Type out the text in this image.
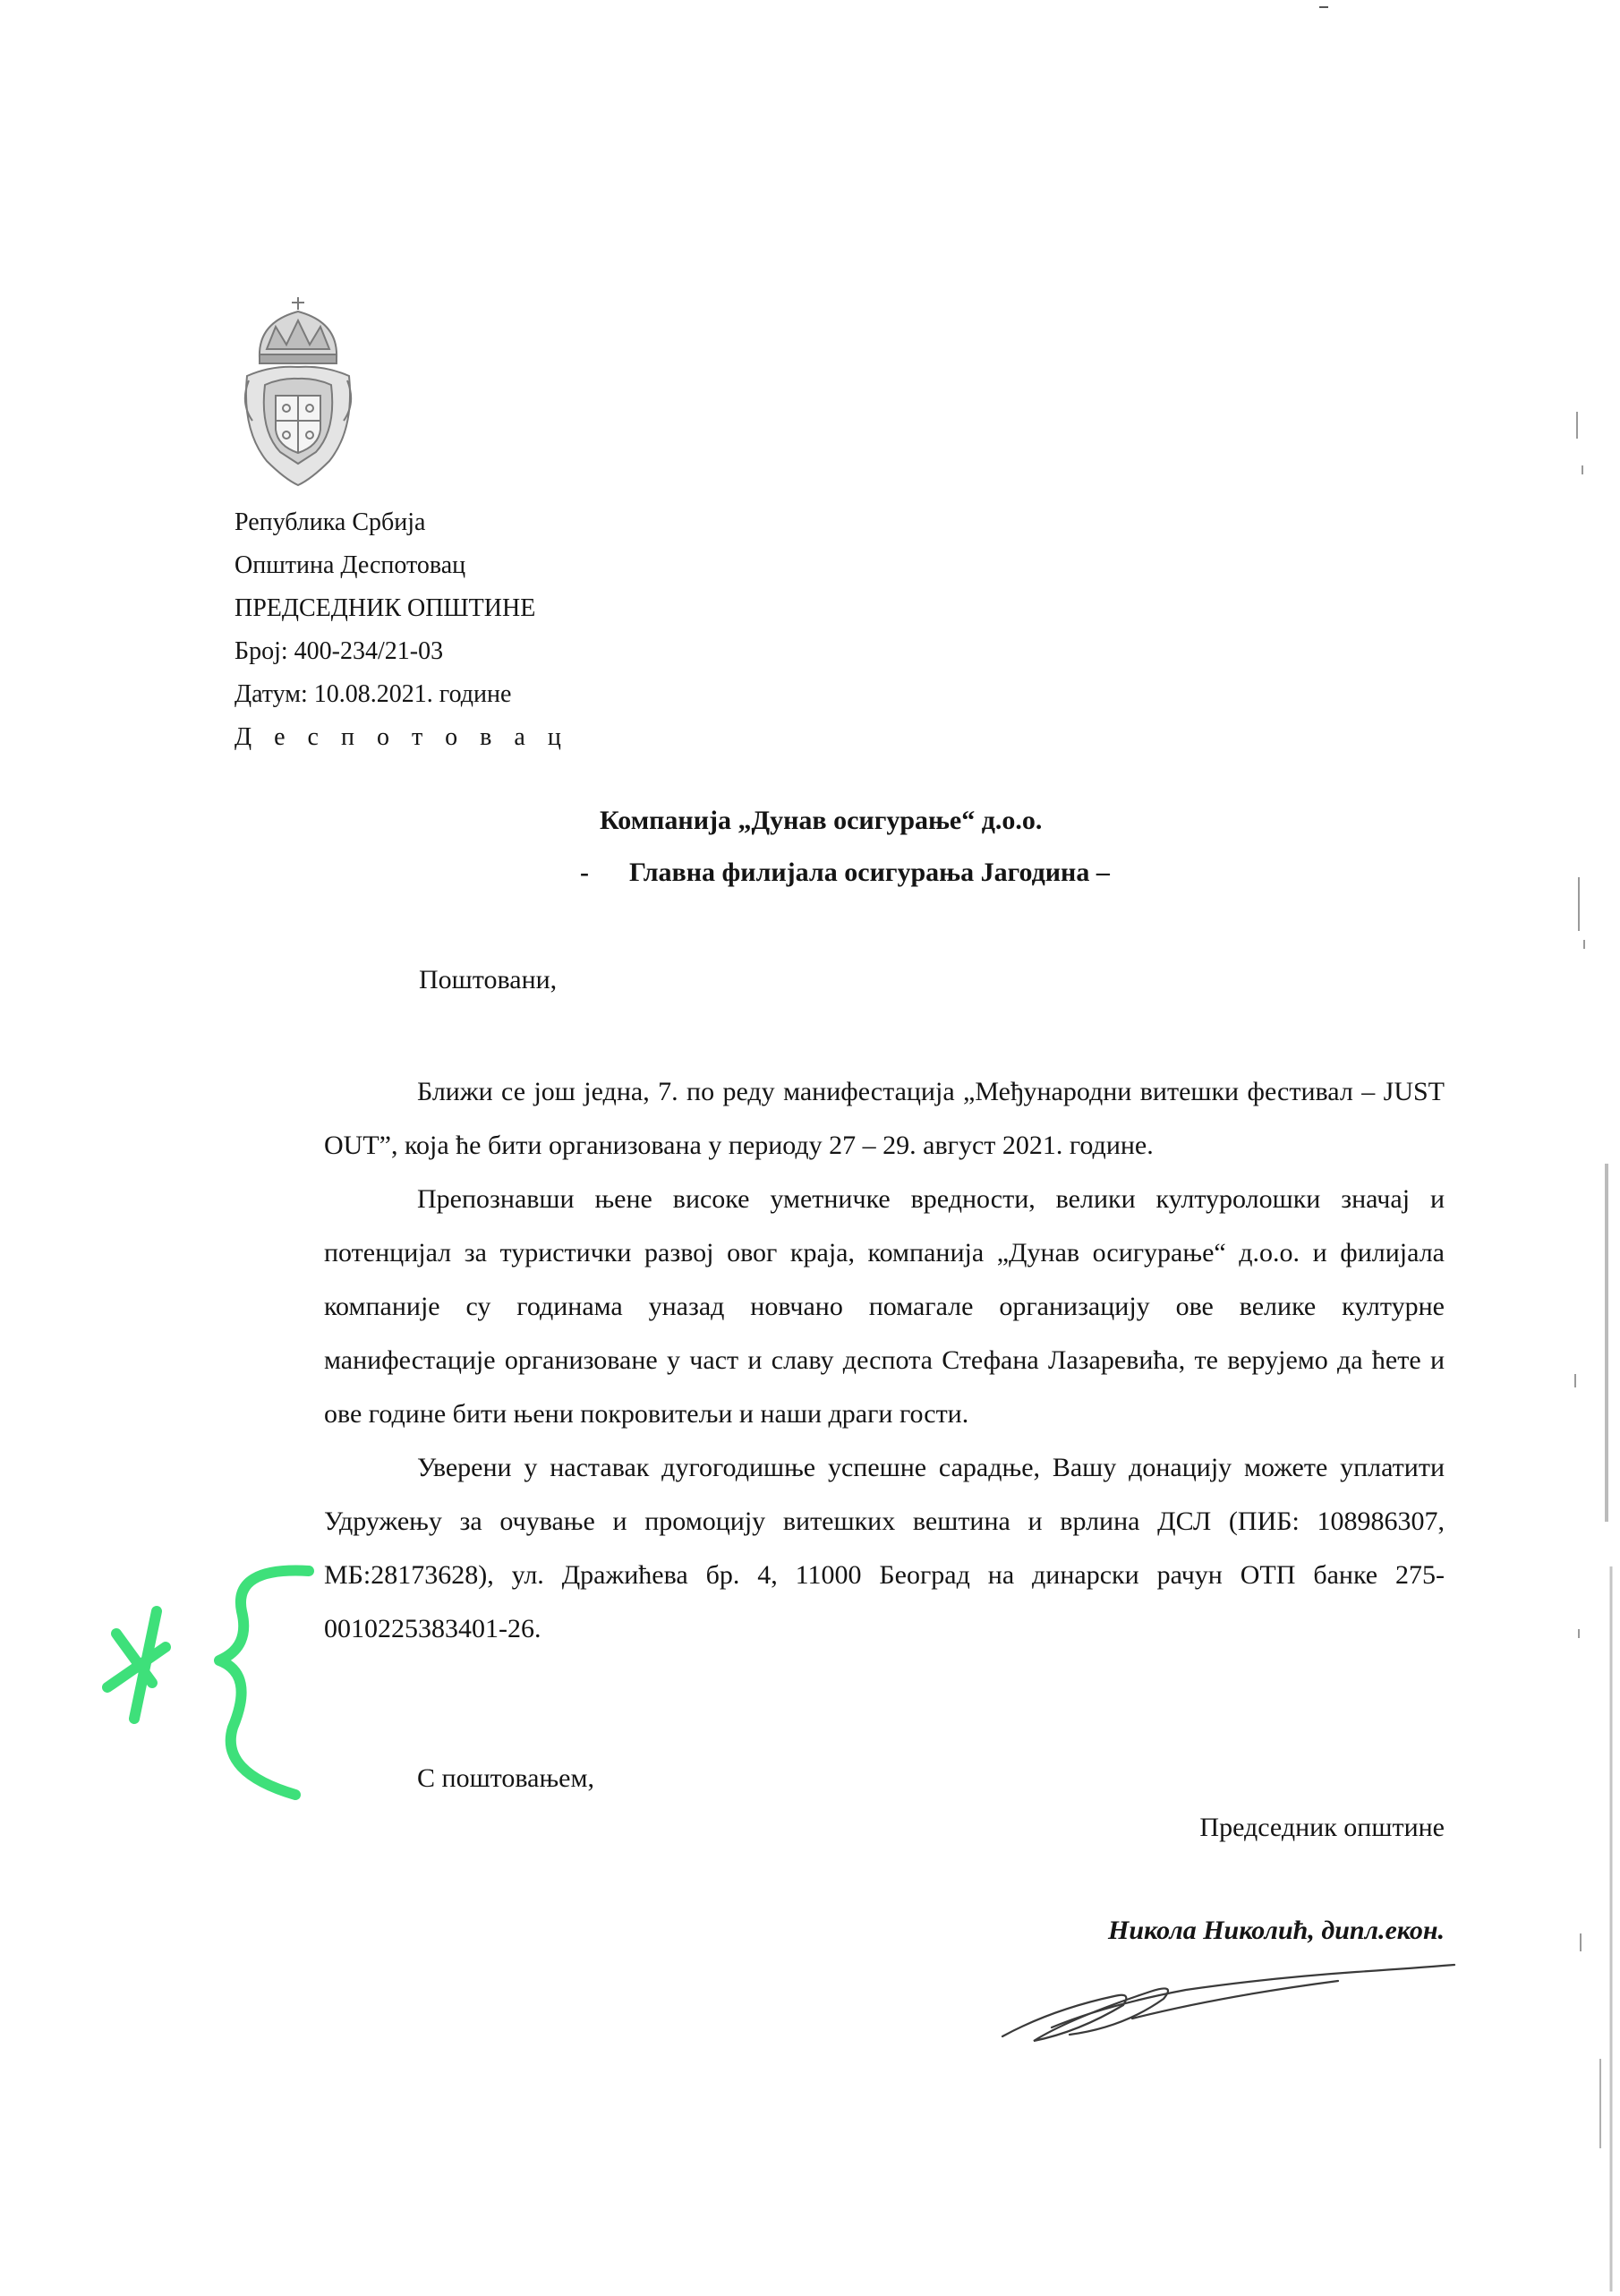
Република Србија
Општина Деспотовац
ПРЕДСЕДНИК ОПШТИНЕ
Број: 400-234/21-03
Датум: 10.08.2021. године
Д е с п о т о в а ц
Компанија „Дунав осигурање“ д.о.о.
- Главна филијала осигурања Јагодина –
Поштовани,

Ближи се још једна, 7. по реду манифестација „Међународни витешки фестивал – JUST OUT”, која ће бити организована у периоду 27 – 29. август 2021. године.

Препознавши њене високе уметничке вредности, велики културолошки значај и потенцијал за туристички развој овог краја, компанија „Дунав осигурање“ д.о.о. и филијала компаније су годинама уназад новчано помагале организацију ове велике културне манифестације организоване у част и славу деспота Стефана Лазаревића, те верујемо да ћете и ове године бити њени покровитељи и наши драги гости.

Уверени у наставак дугогодишње успешне сарадње, Вашу донацију можете уплатити Удружењу за очување и промоцију витешких вештина и врлина ДСЛ (ПИБ: 108986307, МБ:28173628), ул. Дражићева бр. 4, 11000 Београд на динарски рачун ОТП банке 275-0010225383401-26.

С поштовањем,
Председник општине
Никола Николић, дипл.екон.
